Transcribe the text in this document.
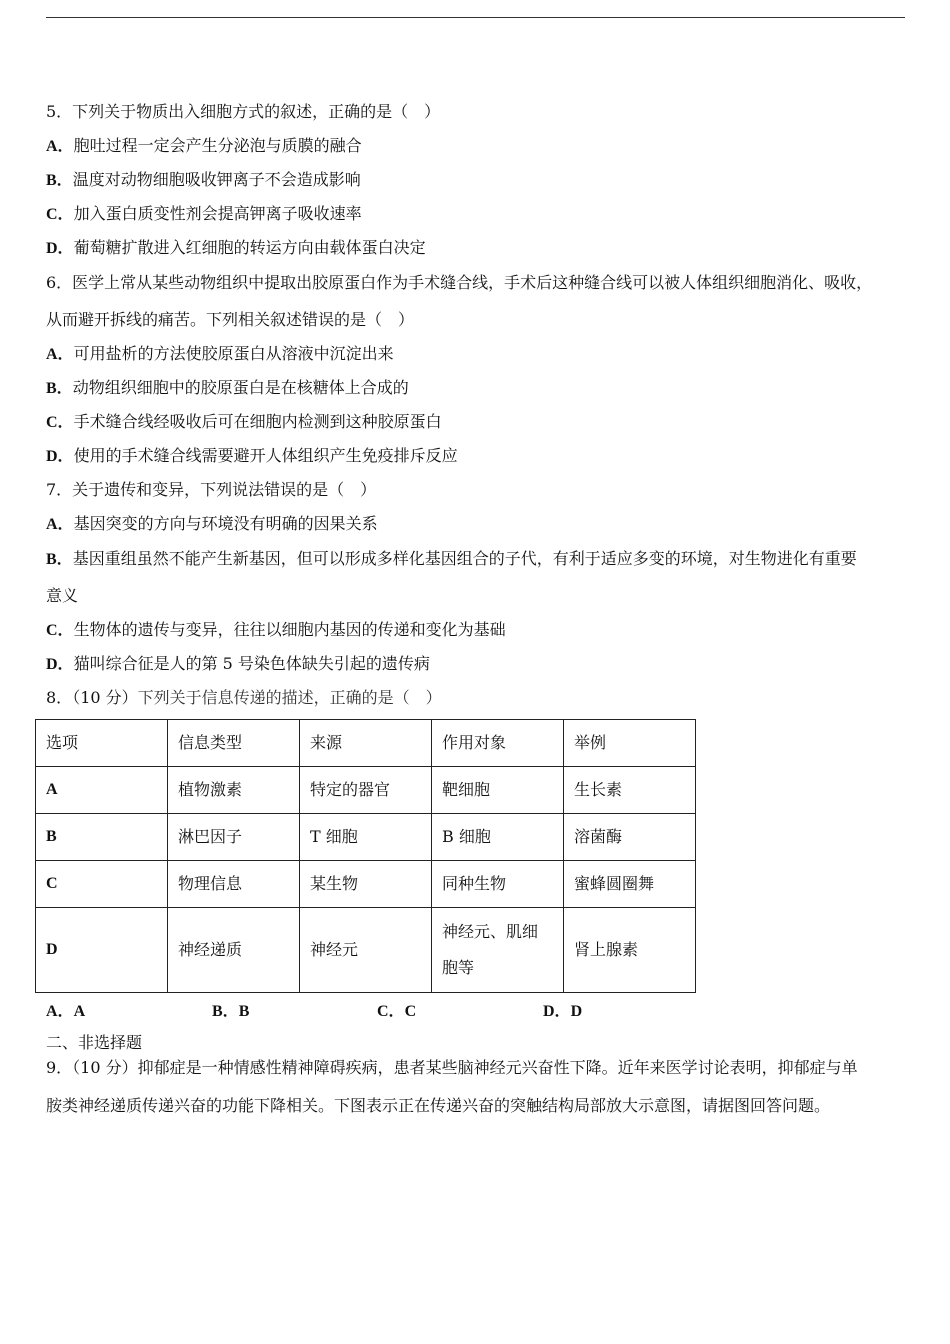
5．下列关于物质出入细胞方式的叙述，正确的是（　）
A．胞吐过程一定会产生分泌泡与质膜的融合
B．温度对动物细胞吸收钾离子不会造成影响
C．加入蛋白质变性剂会提高钾离子吸收速率
D．葡萄糖扩散进入红细胞的转运方向由载体蛋白决定
6．医学上常从某些动物组织中提取出胶原蛋白作为手术缝合线，手术后这种缝合线可以被人体组织细胞消化、吸收，
从而避开拆线的痛苦。下列相关叙述错误的是（　）
A．可用盐析的方法使胶原蛋白从溶液中沉淀出来
B．动物组织细胞中的胶原蛋白是在核糖体上合成的
C．手术缝合线经吸收后可在细胞内检测到这种胶原蛋白
D．使用的手术缝合线需要避开人体组织产生免疫排斥反应
7．关于遗传和变异，下列说法错误的是（　）
A．基因突变的方向与环境没有明确的因果关系
B．基因重组虽然不能产生新基因，但可以形成多样化基因组合的子代，有利于适应多变的环境，对生物进化有重要
意义
C．生物体的遗传与变异，往往以细胞内基因的传递和变化为基础
D．猫叫综合征是人的第 5 号染色体缺失引起的遗传病
8．（10 分）下列关于信息传递的描述，正确的是（　）
选项	信息类型	来源	作用对象	举例
A	植物激素	特定的器官	靶细胞	生长素
B	淋巴因子	T 细胞	B 细胞	溶菌酶
C	物理信息	某生物	同种生物	蜜蜂圆圈舞
D	神经递质	神经元	神经元、肌细胞等	肾上腺素
A．A	B．B	C．C	D．D
二、非选择题
9．（10 分）抑郁症是一种情感性精神障碍疾病，患者某些脑神经元兴奋性下降。近年来医学讨论表明，抑郁症与单
胺类神经递质传递兴奋的功能下降相关。下图表示正在传递兴奋的突触结构局部放大示意图，请据图回答问题。
